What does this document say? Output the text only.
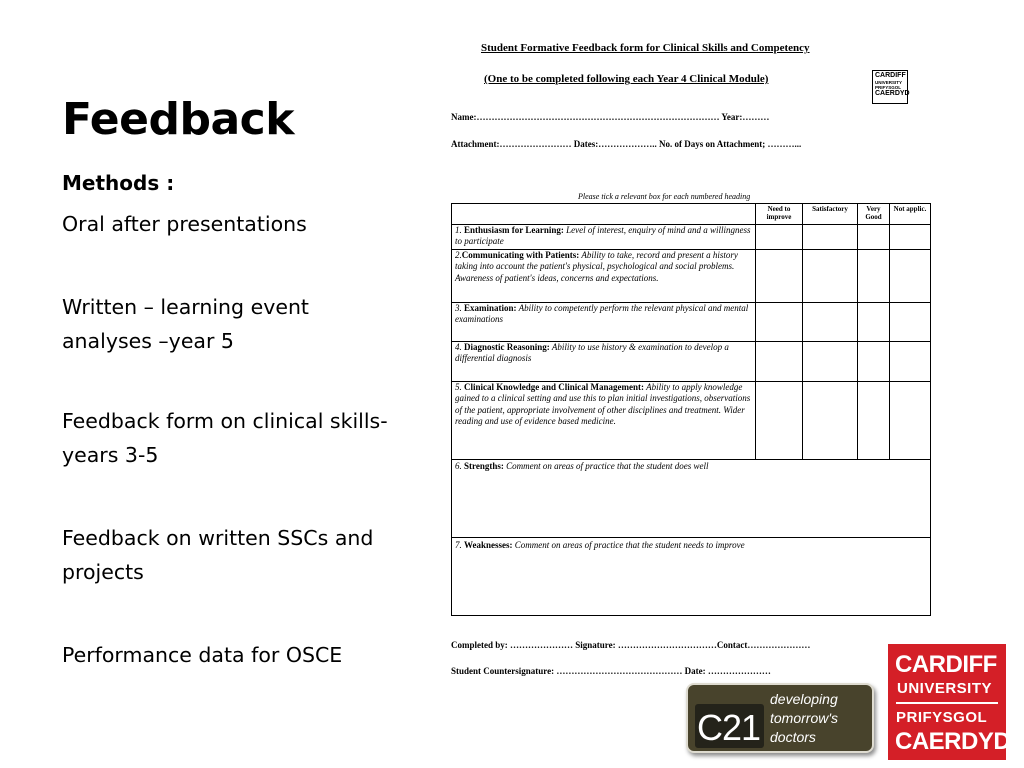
Feedback
Methods :
Oral after presentations
Written – learning event analyses –year 5
Feedback form on clinical skills- years 3-5
Feedback on written SSCs and projects
Performance data for OSCE
Student Formative Feedback form for Clinical Skills and Competency
(One to be completed following each Year 4 Clinical Module)	CARDIFF
UNIVERSITY
PRIFYSGOL
CAERDYD
Name:……………………………………………………………………… Year:………
Attachment:…………………… Dates:……………….. No. of Days on Attachment; ………...
Please tick a relevant box for each numbered heading
Need to improve
Satisfactory	Very Good
Not applic.
1. Enthusiasm for Learning: Level of interest, enquiry of mind and a willingness to participate
2.Communicating with Patients: Ability to take, record and present a history taking into account the patient's physical, psychological and social problems. Awareness of patient's ideas, concerns and expectations.
3. Examination: Ability to competently perform the relevant physical and mental examinations
4. Diagnostic Reasoning: Ability to use history & examination to develop a differential diagnosis
5. Clinical Knowledge and Clinical Management: Ability to apply knowledge gained to a clinical setting and use this to plan initial investigations, observations of the patient, appropriate involvement of other disciplines and treatment. Wider reading and use of evidence based medicine.
6. Strengths: Comment on areas of practice that the student does well
7. Weaknesses: Comment on areas of practice that the student needs to improve
Completed by: ………………… Signature: ……………………………Contact…………………
Student Countersignature: …………………………………… Date: …………………
C21
developing
tomorrow's
doctors
CARDIFF
UNIVERSITY
PRIFYSGOL
CAERDYD
